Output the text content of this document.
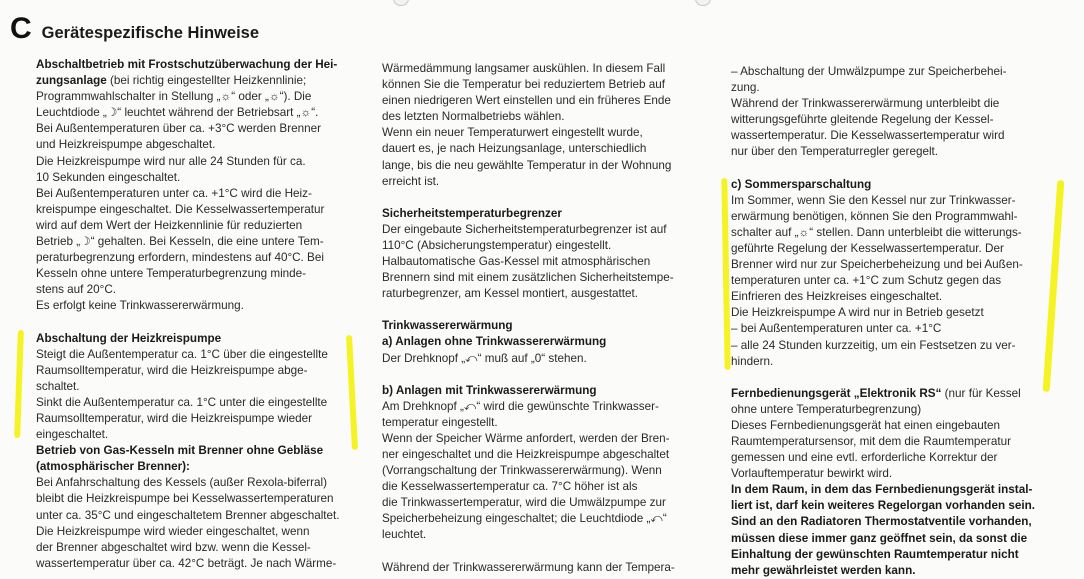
C Gerätespezifische Hinweise

Abschaltbetrieb mit Frostschutzüberwachung der Hei-

zungsanlage (bei richtig eingestellter Heizkennlinie;

Programmwahlschalter in Stellung „☼“ oder „☼“). Die

Leuchtdiode „☽“ leuchtet während der Betriebsart „☼“.

Bei Außentemperaturen über ca. +3°C werden Brenner

und Heizkreispumpe abgeschaltet.

Die Heizkreispumpe wird nur alle 24 Stunden für ca.

10 Sekunden eingeschaltet.

Bei Außentemperaturen unter ca. +1°C wird die Heiz-

kreispumpe eingeschaltet. Die Kesselwassertemperatur

wird auf dem Wert der Heizkennlinie für reduzierten

Betrieb „☽“ gehalten. Bei Kesseln, die eine untere Tem-

peraturbegrenzung erfordern, mindestens auf 40°C. Bei

Kesseln ohne untere Temperaturbegrenzung minde-

stens auf 20°C.

Es erfolgt keine Trinkwassererwärmung.

Abschaltung der Heizkreispumpe

Steigt die Außentemperatur ca. 1°C über die eingestellte

Raumsolltemperatur, wird die Heizkreispumpe abge-

schaltet.

Sinkt die Außentemperatur ca. 1°C unter die eingestellte

Raumsolltemperatur, wird die Heizkreispumpe wieder

eingeschaltet.

Betrieb von Gas-Kesseln mit Brenner ohne Gebläse
(atmosphärischer Brenner):

Bei Anfahrschaltung des Kessels (außer Rexola-biferral)

bleibt die Heizkreispumpe bei Kesselwassertemperaturen

unter ca. 35°C und eingeschaltetem Brenner abgeschaltet.

Die Heizkreispumpe wird wieder eingeschaltet, wenn

der Brenner abgeschaltet wird bzw. wenn die Kessel-

wassertemperatur über ca. 42°C beträgt. Je nach Wärme-

Wärmedämmung langsamer auskühlen. In diesem Fall

können Sie die Temperatur bei reduziertem Betrieb auf

einen niedrigeren Wert einstellen und ein früheres Ende

des letzten Normalbetriebs wählen.

Wenn ein neuer Temperaturwert eingestellt wurde,

dauert es, je nach Heizungsanlage, unterschiedlich

lange, bis die neu gewählte Temperatur in der Wohnung

erreicht ist.

Sicherheitstemperaturbegrenzer

Der eingebaute Sicherheitstemperaturbegrenzer ist auf

110°C (Absicherungstemperatur) eingestellt.

Halbautomatische Gas-Kessel mit atmosphärischen

Brennern sind mit einem zusätzlichen Sicherheitstempe-

raturbegrenzer, am Kessel montiert, ausgestattet.

Trinkwassererwärmung
a) Anlagen ohne Trinkwassererwärmung

Der Drehknopf „⤺“ muß auf „0“ stehen.

b) Anlagen mit Trinkwassererwärmung

Am Drehknopf „⤺“ wird die gewünschte Trinkwasser-

temperatur eingestellt.

Wenn der Speicher Wärme anfordert, werden der Bren-

ner eingeschaltet und die Heizkreispumpe abgeschaltet

(Vorrangschaltung der Trinkwassererwärmung). Wenn

die Kesselwassertemperatur ca. 7°C höher ist als

die Trinkwassertemperatur, wird die Umwälzpumpe zur

Speicherbeheizung eingeschaltet; die Leuchtdiode „⤺“

leuchtet.

Während der Trinkwassererwärmung kann der Tempera-

– Abschaltung der Umwälzpumpe zur Speicherbehei-

zung.

Während der Trinkwassererwärmung unterbleibt die

witterungsgeführte gleitende Regelung der Kessel-

wassertemperatur. Die Kesselwassertemperatur wird

nur über den Temperaturregler geregelt.

c) Sommersparschaltung

Im Sommer, wenn Sie den Kessel nur zur Trinkwasser-

erwärmung benötigen, können Sie den Programmwahl-

schalter auf „☼“ stellen. Dann unterbleibt die witterungs-

geführte Regelung der Kesselwassertemperatur. Der

Brenner wird nur zur Speicherbeheizung und bei Außen-

temperaturen unter ca. +1°C zum Schutz gegen das

Einfrieren des Heizkreises eingeschaltet.

Die Heizkreispumpe A wird nur in Betrieb gesetzt

– bei Außentemperaturen unter ca. +1°C

– alle 24 Stunden kurzzeitig, um ein Festsetzen zu ver-

hindern.

Fernbedienungsgerät „Elektronik RS“ (nur für Kessel

ohne untere Temperaturbegrenzung)

Dieses Fernbedienungsgerät hat einen eingebauten

Raumtemperatursensor, mit dem die Raumtemperatur

gemessen und eine evtl. erforderliche Korrektur der

Vorlauftemperatur bewirkt wird.

In dem Raum, in dem das Fernbedienungsgerät instal-

liert ist, darf kein weiteres Regelorgan vorhanden sein.

Sind an den Radiatoren Thermostatventile vorhanden,

müssen diese immer ganz geöffnet sein, da sonst die

Einhaltung der gewünschten Raumtemperatur nicht

mehr gewährleistet werden kann.
